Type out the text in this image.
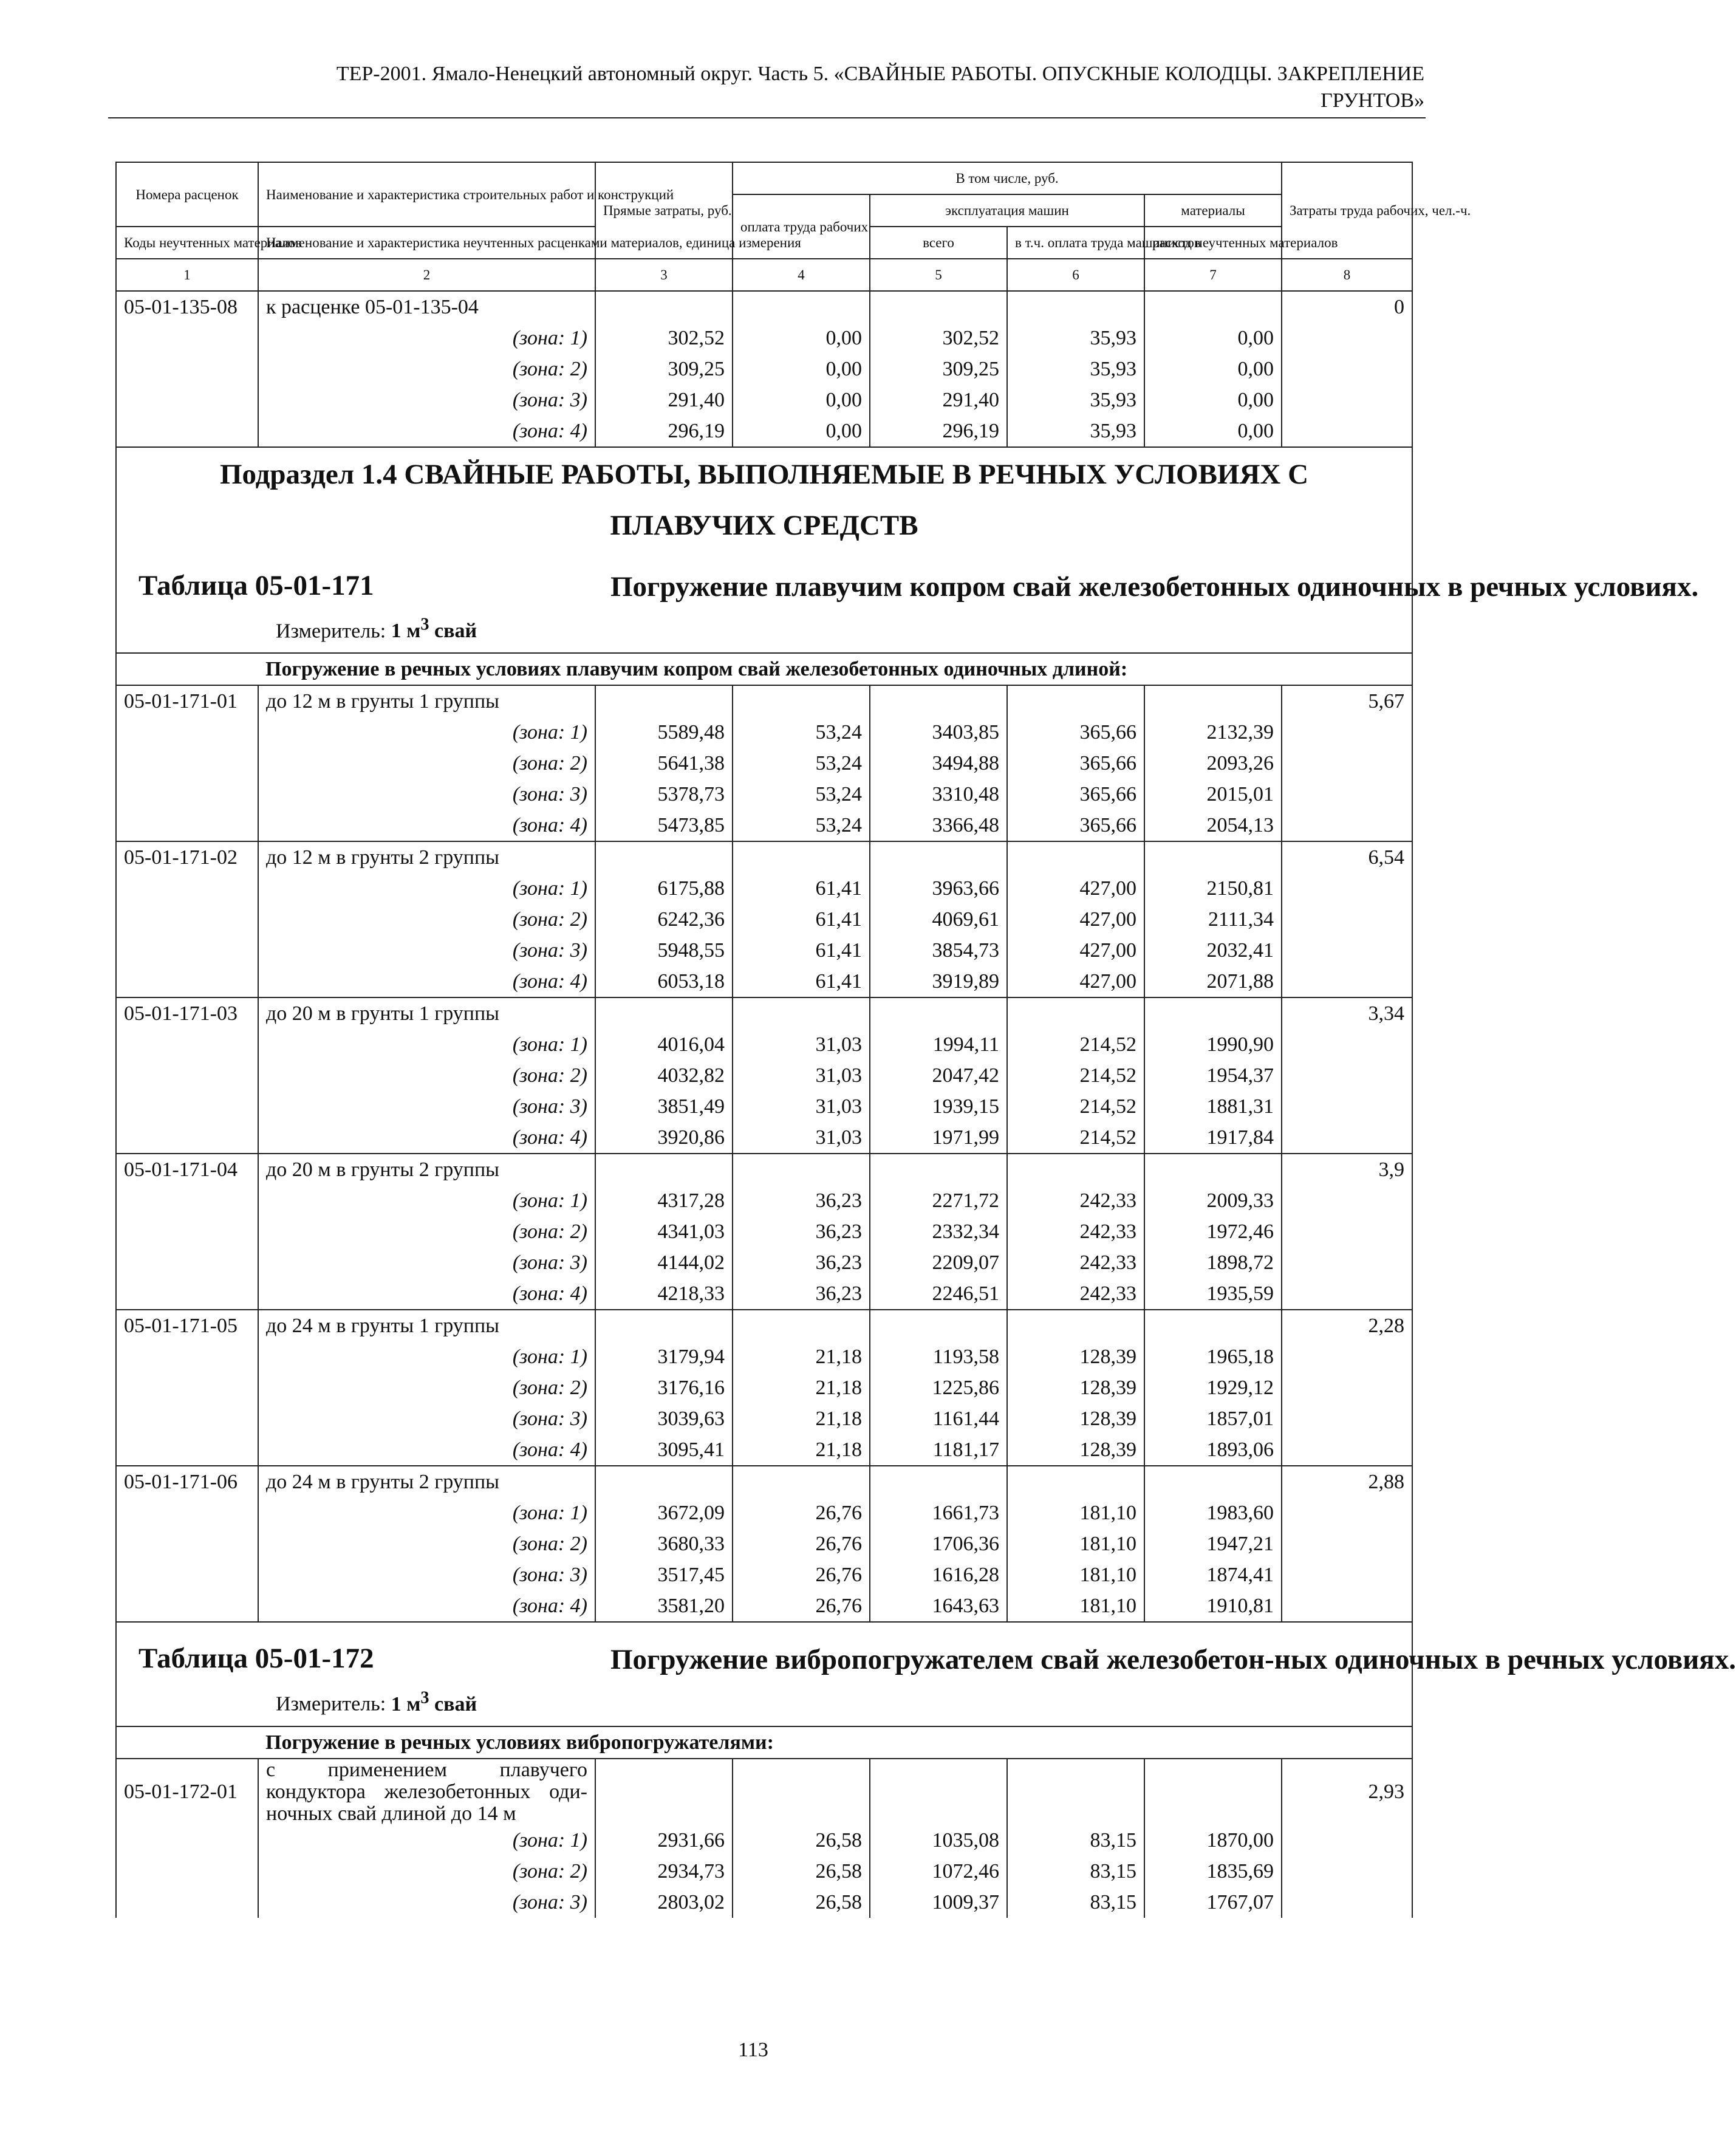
ТЕР-2001. Ямало-Ненецкий автономный округ. Часть 5. «СВАЙНЫЕ РАБОТЫ. ОПУСКНЫЕ КОЛОДЦЫ. ЗАКРЕПЛЕНИЕ
ГРУНТОВ»
Номера расценок	Наименование и характеристика строительных работ и конструкций	Прямые затраты, руб.	В том числе, руб.				Затраты труда рабочих, чел.-ч.
			оплата труда рабочих	эксплуатация машин		материалы	
Коды неучтенных материалов	Наименование и характеристика неучтенных расценками материалов, единица измерения			всего	в т.ч. оплата труда машинистов	расход неучтенных материалов	
1	2	3	4	5	6	7	8
05-01-135-08	к расценке 05-01-135-04						0
	(зона: 1)	302,52	0,00	302,52	35,93	0,00	
	(зона: 2)	309,25	0,00	309,25	35,93	0,00	
	(зона: 3)	291,40	0,00	291,40	35,93	0,00	
	(зона: 4)	296,19	0,00	296,19	35,93	0,00	

Подраздел 1.4 СВАЙНЫЕ РАБОТЫ, ВЫПОЛНЯЕМЫЕ В РЕЧНЫХ УСЛОВИЯХ С
ПЛАВУЧИХ СРЕДСТВ
Таблица 05-01-171 Погружение плавучим копром свай железобетонных одиночных в речных условиях.
Измеритель: 1 $м^3$ свай							

	Погружение в речных условиях плавучим копром свай железобетонных одиночных длиной:						
05-01-171-01	до 12 м в грунты 1 группы						5,67
	(зона: 1)	5589,48	53,24	3403,85	365,66	2132,39	
	(зона: 2)	5641,38	53,24	3494,88	365,66	2093,26	
	(зона: 3)	5378,73	53,24	3310,48	365,66	2015,01	
	(зона: 4)	5473,85	53,24	3366,48	365,66	2054,13	
05-01-171-02	до 12 м в грунты 2 группы						6,54
	(зона: 1)	6175,88	61,41	3963,66	427,00	2150,81	
	(зона: 2)	6242,36	61,41	4069,61	427,00	2111,34	
	(зона: 3)	5948,55	61,41	3854,73	427,00	2032,41	
	(зона: 4)	6053,18	61,41	3919,89	427,00	2071,88	
05-01-171-03	до 20 м в грунты 1 группы						3,34
	(зона: 1)	4016,04	31,03	1994,11	214,52	1990,90	
	(зона: 2)	4032,82	31,03	2047,42	214,52	1954,37	
	(зона: 3)	3851,49	31,03	1939,15	214,52	1881,31	
	(зона: 4)	3920,86	31,03	1971,99	214,52	1917,84	
05-01-171-04	до 20 м в грунты 2 группы						3,9
	(зона: 1)	4317,28	36,23	2271,72	242,33	2009,33	
	(зона: 2)	4341,03	36,23	2332,34	242,33	1972,46	
	(зона: 3)	4144,02	36,23	2209,07	242,33	1898,72	
	(зона: 4)	4218,33	36,23	2246,51	242,33	1935,59	
05-01-171-05	до 24 м в грунты 1 группы						2,28
	(зона: 1)	3179,94	21,18	1193,58	128,39	1965,18	
	(зона: 2)	3176,16	21,18	1225,86	128,39	1929,12	
	(зона: 3)	3039,63	21,18	1161,44	128,39	1857,01	
	(зона: 4)	3095,41	21,18	1181,17	128,39	1893,06	
05-01-171-06	до 24 м в грунты 2 группы						2,88
	(зона: 1)	3672,09	26,76	1661,73	181,10	1983,60	
	(зона: 2)	3680,33	26,76	1706,36	181,10	1947,21	
	(зона: 3)	3517,45	26,76	1616,28	181,10	1874,41	
	(зона: 4)	3581,20	26,76	1643,63	181,10	1910,81	

Таблица 05-01-172 Погружение вибропогружателем свай железобетон-ных одиночных в речных условиях.
Измеритель: 1 $м^3$ свай							

	Погружение в речных условиях вибропогружателями:						
05-01-172-01	с применением плавучего кондуктора железобетонных оди-ночных свай длиной до 14 м						2,93
	(зона: 1)	2931,66	26,58	1035,08	83,15	1870,00	
	(зона: 2)	2934,73	26,58	1072,46	83,15	1835,69	
	(зона: 3)	2803,02	26,58	1009,37	83,15	1767,07	
113
